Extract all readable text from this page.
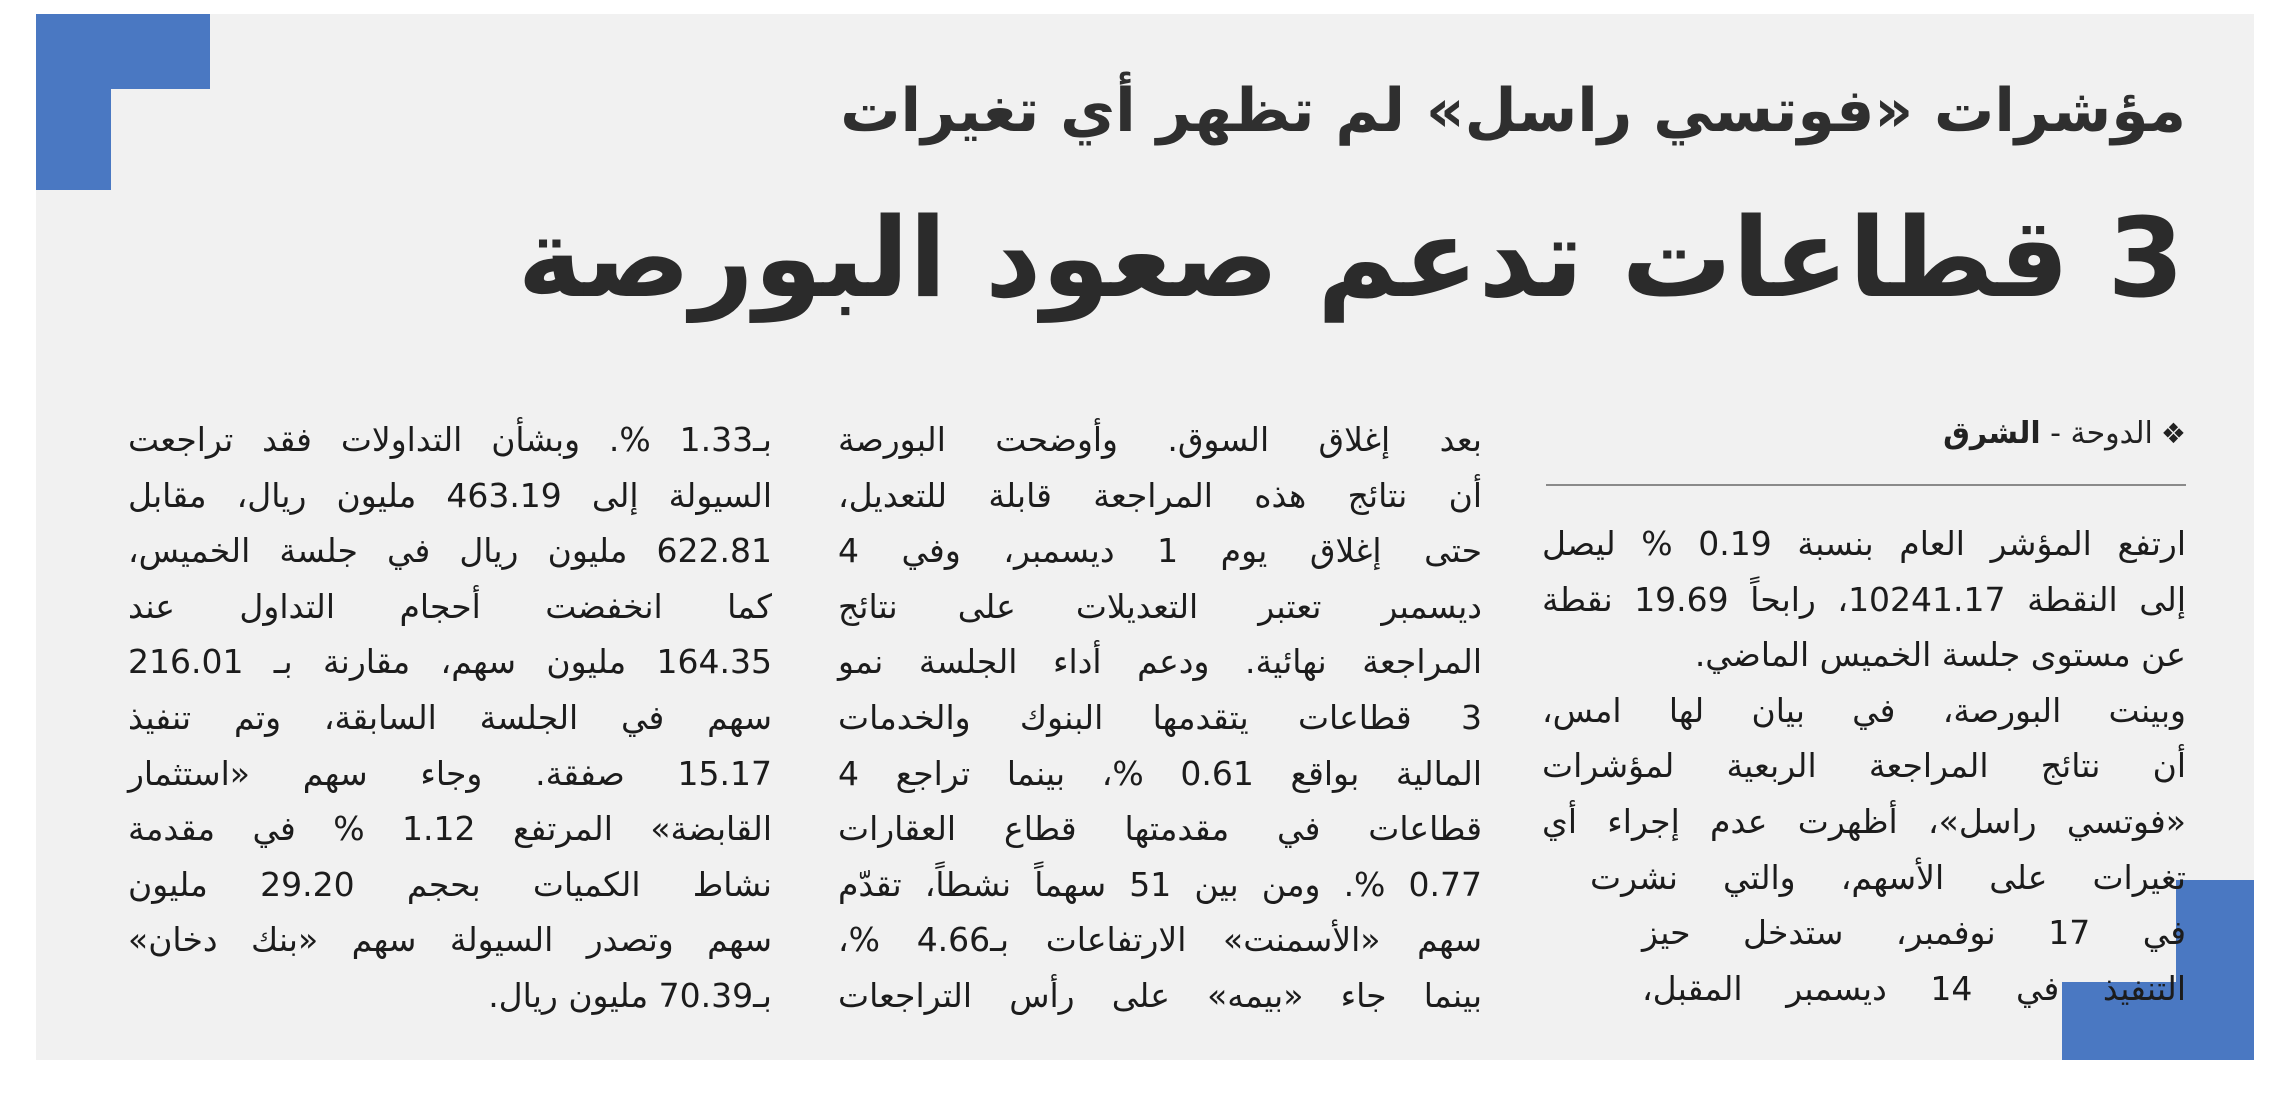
مؤشرات «فوتسي راسل» لم تظهر أي تغيرات
3 قطاعات تدعم صعود البورصة
❖الدوحة - الشرق
ارتفع المؤشر العام بنسبة 0.19 % ليصل
إلى النقطة 10241.17، رابحاً 19.69 نقطة
عن مستوى جلسة الخميس الماضي.
وبينت البورصة، في بيان لها امس،
أن نتائج المراجعة الربعية لمؤشرات
«فوتسي راسل»، أظهرت عدم إجراء أي
تغيرات على الأسهم، والتي نشرت
في 17 نوفمبر، ستدخل حيز
التنفيذ في 14 ديسمبر المقبل،
بعد إغلاق السوق. وأوضحت البورصة
أن نتائج هذه المراجعة قابلة للتعديل،
حتى إغلاق يوم 1 ديسمبر، وفي 4
ديسمبر تعتبر التعديلات على نتائج
المراجعة نهائية. ودعم أداء الجلسة نمو
3 قطاعات يتقدمها البنوك والخدمات
المالية بواقع 0.61 %، بينما تراجع 4
قطاعات في مقدمتها قطاع العقارات
0.77 %. ومن بين 51 سهماً نشطاً، تقدّم
سهم «الأسمنت» الارتفاعات بـ4.66 %،
بينما جاء «بيمه» على رأس التراجعات
بـ1.33 %. وبشأن التداولات فقد تراجعت
السيولة إلى 463.19 مليون ريال، مقابل
622.81 مليون ريال في جلسة الخميس،
كما انخفضت أحجام التداول عند
164.35 مليون سهم، مقارنة بـ 216.01
سهم في الجلسة السابقة، وتم تنفيذ
15.17 صفقة. وجاء سهم «استثمار
القابضة» المرتفع 1.12 % في مقدمة
نشاط الكميات بحجم 29.20 مليون
سهم وتصدر السيولة سهم «بنك دخان»
بـ70.39 مليون ريال.
